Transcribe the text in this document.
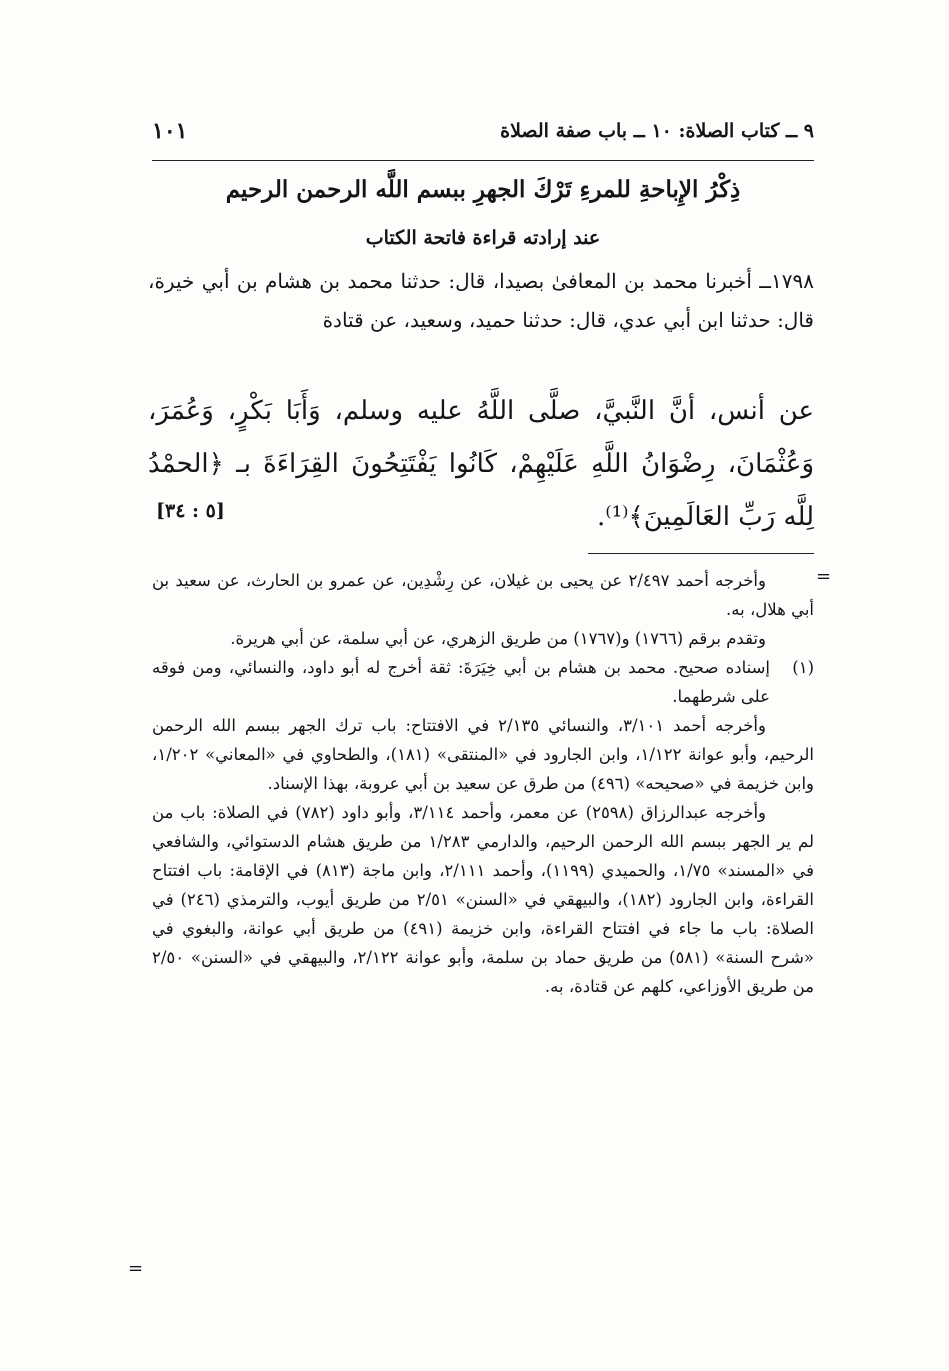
٩ ــ كتاب الصلاة: ١٠ ــ باب صفة الصلاة
١٠١
ذِكْرُ الإِباحةِ للمرءِ تَرْكَ الجهرِ ببسم اللَّه الرحمن الرحيم
عند إرادته قراءة فاتحة الكتاب

١٧٩٨ــ أخبرنا محمد بن المعافىٰ بصيدا، قال: حدثنا محمد بن هشام بن أبي خيرة، قال: حدثنا ابن أبي عدي، قال: حدثنا حميد، وسعيد، عن قتادة

عن أنس، أنَّ النَّبيَّ، صلَّى اللَّهُ عليه وسلم، وَأَبَا بَكْرٍ، وَعُمَرَ، وَعُثْمَانَ، رِضْوَانُ اللَّهِ عَلَيْهِمْ، كَانُوا يَفْتَتِحُونَ القِرَاءَةَ بـ ﴿الحمْدُ لِلَّه رَبِّ العَالَمِينَ﴾⁽¹⁾.

[٥ : ٣٤]
=

وأخرجه أحمد ٢/٤٩٧ عن يحيى بن غيلان، عن رِشْدِين، عن عمرو بن الحارث، عن سعيد بن أبي هلال، به.

وتقدم برقم (١٧٦٦) و(١٧٦٧) من طريق الزهري، عن أبي سلمة، عن أبي هريرة.

(١)
إسناده صحيح. محمد بن هشام بن أبي خِيَرَةَ: ثقة أخرج له أبو داود، والنسائي، ومن فوقه على شرطهما.

وأخرجه أحمد ٣/١٠١، والنسائي ٢/١٣٥ في الافتتاح: باب ترك الجهر ببسم الله الرحمن الرحيم، وأبو عوانة ١/١٢٢، وابن الجارود في «المنتقى» (١٨١)، والطحاوي في «المعاني» ١/٢٠٢، وابن خزيمة في «صحيحه» (٤٩٦) من طرق عن سعيد بن أبي عروبة، بهذا الإسناد.

وأخرجه عبدالرزاق (٢٥٩٨) عن معمر، وأحمد ٣/١١٤، وأبو داود (٧٨٢) في الصلاة: باب من لم ير الجهر ببسم الله الرحمن الرحيم، والدارمي ١/٢٨٣ من طريق هشام الدستوائي، والشافعي في «المسند» ١/٧٥، والحميدي (١١٩٩)، وأحمد ٢/١١١، وابن ماجة (٨١٣) في الإقامة: باب افتتاح القراءة، وابن الجارود (١٨٢)، والبيهقي في «السنن» ٢/٥١ من طريق أيوب، والترمذي (٢٤٦) في الصلاة: باب ما جاء في افتتاح القراءة، وابن خزيمة (٤٩١) من طريق أبي عوانة، والبغوي في «شرح السنة» (٥٨١) من طريق حماد بن سلمة، وأبو عوانة ٢/١٢٢، والبيهقي في «السنن» ٢/٥٠ من طريق الأوزاعي، كلهم عن قتادة، به.

=
